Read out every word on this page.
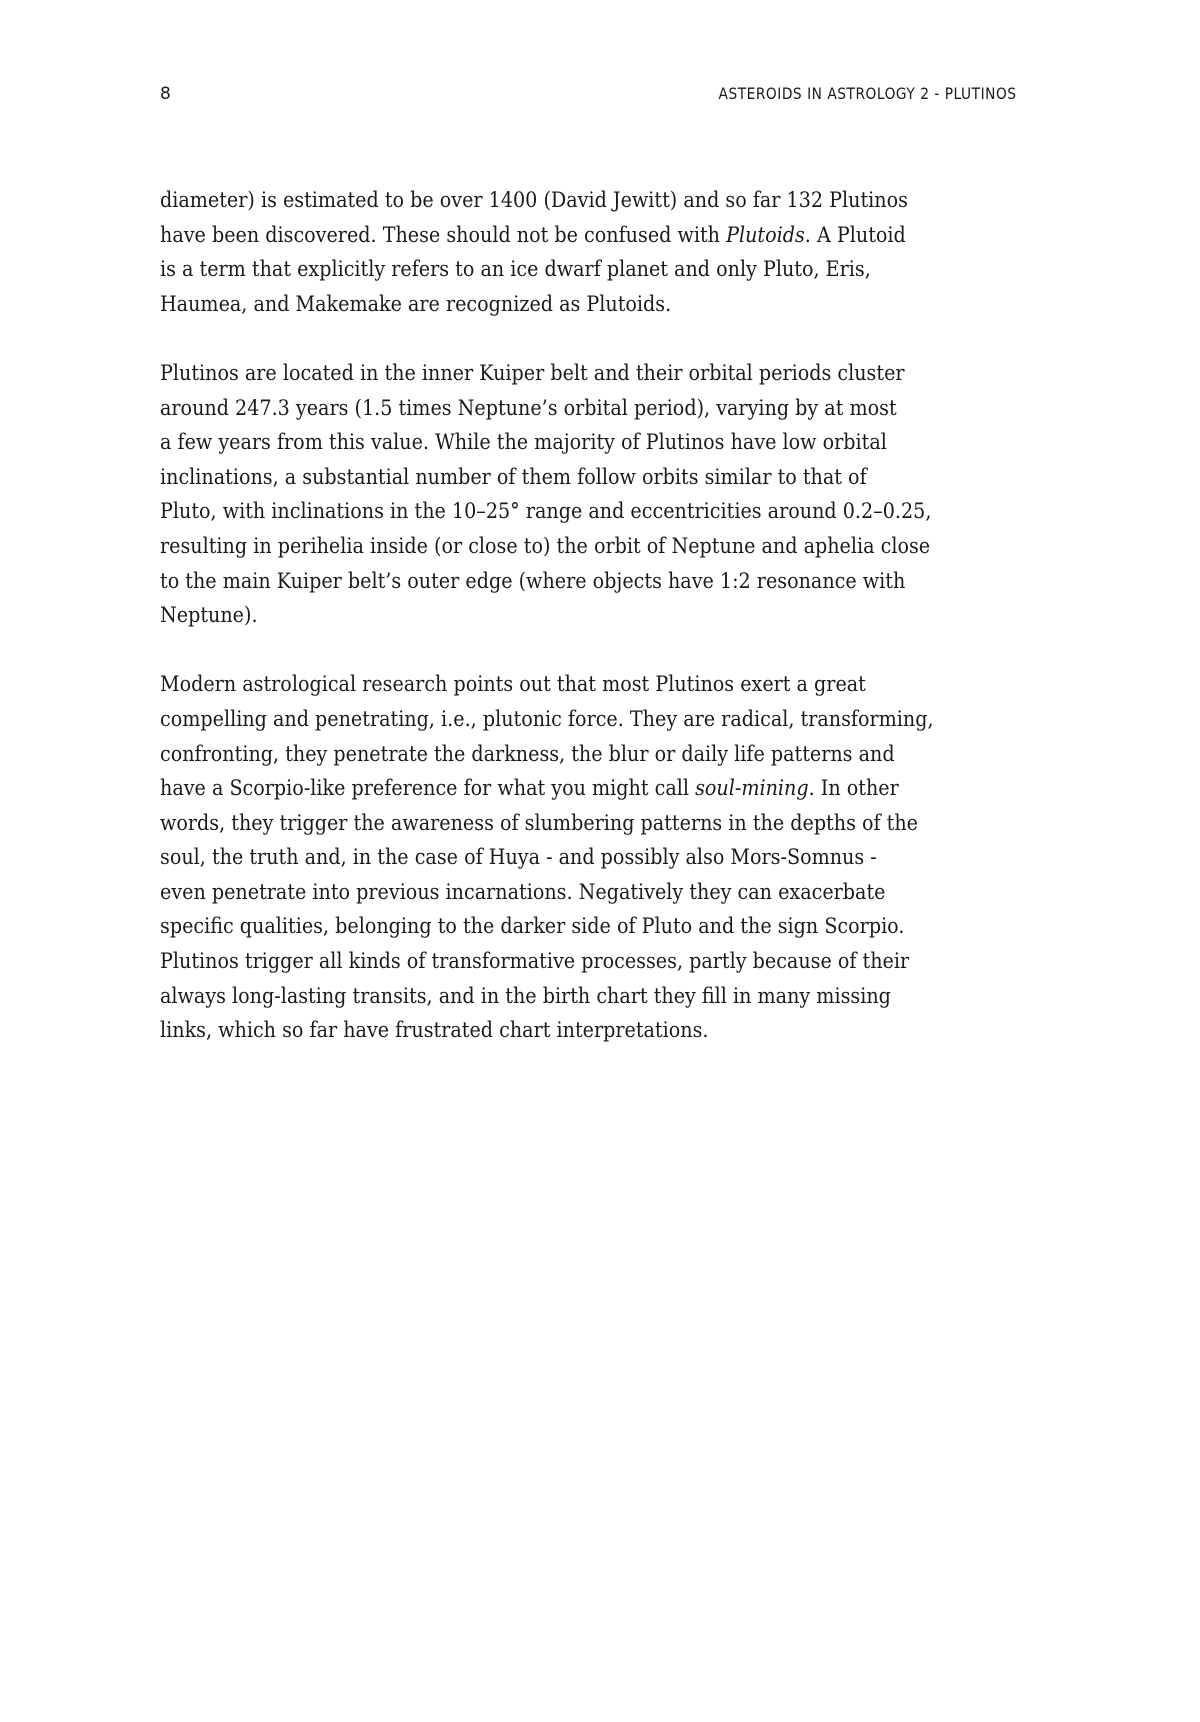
8	ASTEROIDS IN ASTROLOGY 2 - PLUTINOS
diameter) is estimated to be over 1400 (David Jewitt) and so far 132 Plutinos
have been discovered. These should not be confused with Plutoids. A Plutoid
is a term that explicitly refers to an ice dwarf planet and only Pluto, Eris,
Haumea, and Makemake are recognized as Plutoids.
Plutinos are located in the inner Kuiper belt and their orbital periods cluster
around 247.3 years (1.5 times Neptune’s orbital period), varying by at most
a few years from this value. While the majority of Plutinos have low orbital
inclinations, a substantial number of them follow orbits similar to that of
Pluto, with inclinations in the 10–25° range and eccentricities around 0.2–0.25,
resulting in perihelia inside (or close to) the orbit of Neptune and aphelia close
to the main Kuiper belt’s outer edge (where objects have 1:2 resonance with
Neptune).
Modern astrological research points out that most Plutinos exert a great
compelling and penetrating, i.e., plutonic force. They are radical, transforming,
confronting, they penetrate the darkness, the blur or daily life patterns and
have a Scorpio-like preference for what you might call soul-mining. In other
words, they trigger the awareness of slumbering patterns in the depths of the
soul, the truth and, in the case of Huya - and possibly also Mors-Somnus -
even penetrate into previous incarnations. Negatively they can exacerbate
specific qualities, belonging to the darker side of Pluto and the sign Scorpio.
Plutinos trigger all kinds of transformative processes, partly because of their
always long-lasting transits, and in the birth chart they fill in many missing
links, which so far have frustrated chart interpretations.
